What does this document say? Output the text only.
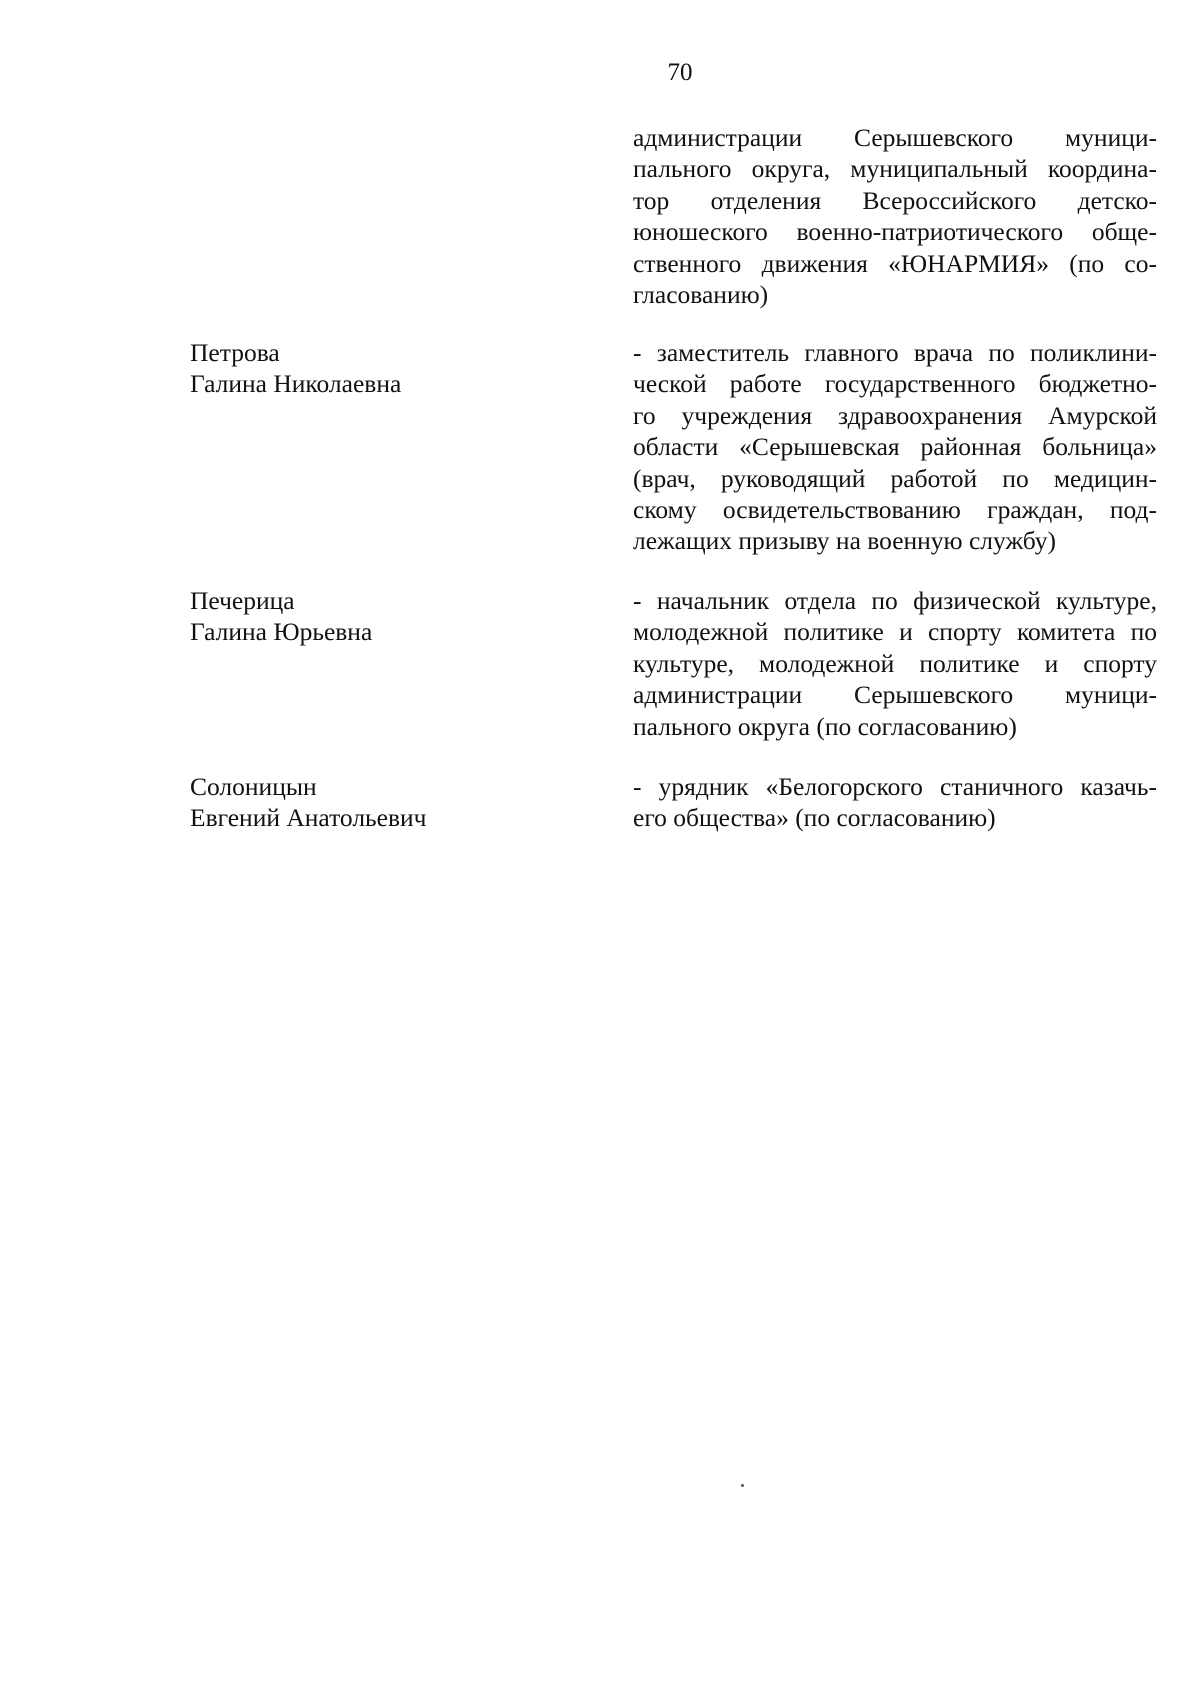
70
администрации Серышевского муници-
пального округа, муниципальный координа-
тор отделения Всероссийского детско-
юношеского военно-патриотического обще-
ственного движения «ЮНАРМИЯ» (по со-
гласованию)
Петрова
Галина Николаевна
- заместитель главного врача по поликлини-
ческой работе государственного бюджетно-
го учреждения здравоохранения Амурской
области «Серышевская районная больница»
(врач, руководящий работой по медицин-
скому освидетельствованию граждан, под-
лежащих призыву на военную службу)
Печерица
Галина Юрьевна
- начальник отдела по физической культуре,
молодежной политике и спорту комитета по
культуре, молодежной политике и спорту
администрации Серышевского муници-
пального округа (по согласованию)
Солоницын
Евгений Анатольевич
- урядник «Белогорского станичного казачь-
его общества» (по согласованию)
